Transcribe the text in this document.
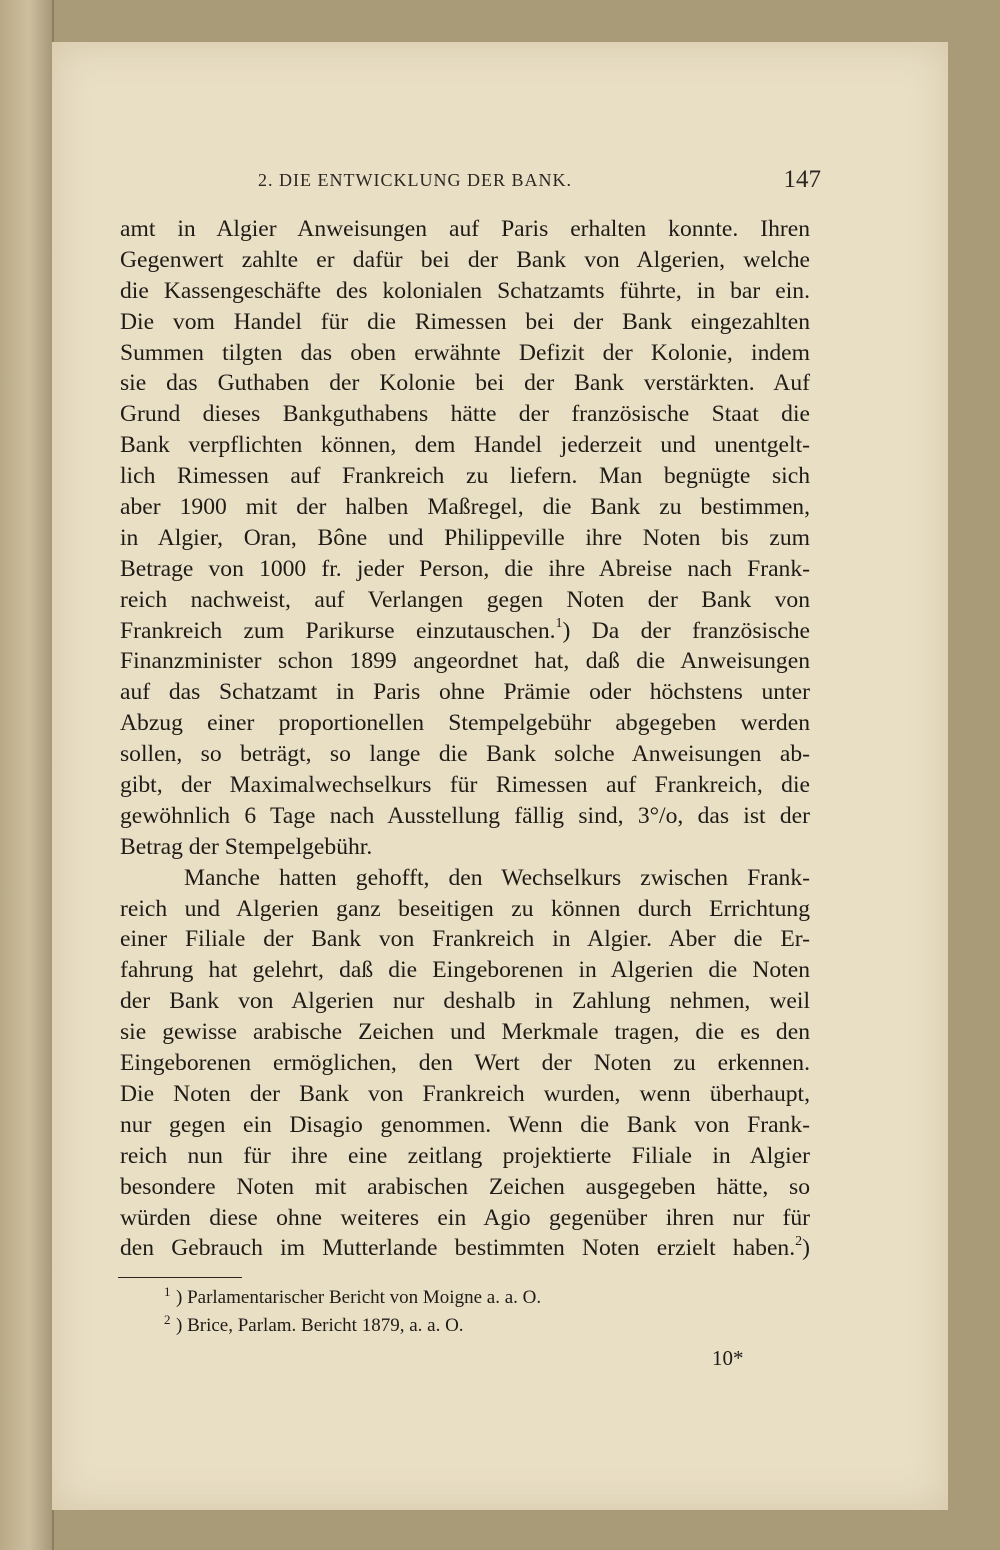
2. DIE ENTWICKLUNG DER BANK.	147
amt in Algier Anweisungen auf Paris erhalten konnte. Ihren
Gegenwert zahlte er dafür bei der Bank von Algerien, welche
die Kassengeschäfte des kolonialen Schatzamts führte, in bar ein.
Die vom Handel für die Rimessen bei der Bank eingezahlten
Summen tilgten das oben erwähnte Defizit der Kolonie, indem
sie das Guthaben der Kolonie bei der Bank verstärkten. Auf
Grund dieses Bankguthabens hätte der französische Staat die
Bank verpflichten können, dem Handel jederzeit und unentgelt-
lich Rimessen auf Frankreich zu liefern. Man begnügte sich
aber 1900 mit der halben Maßregel, die Bank zu bestimmen,
in Algier, Oran, Bône und Philippeville ihre Noten bis zum
Betrage von 1000 fr. jeder Person, die ihre Abreise nach Frank-
reich nachweist, auf Verlangen gegen Noten der Bank von
Frankreich zum Parikurse einzutauschen.$^1$) Da der französische
Finanzminister schon 1899 angeordnet hat, daß die Anweisungen
auf das Schatzamt in Paris ohne Prämie oder höchstens unter
Abzug einer proportionellen Stempelgebühr abgegeben werden
sollen, so beträgt, so lange die Bank solche Anweisungen ab-
gibt, der Maximalwechselkurs für Rimessen auf Frankreich, die
gewöhnlich 6 Tage nach Ausstellung fällig sind, 3°/o, das ist der
Betrag der Stempelgebühr.
Manche hatten gehofft, den Wechselkurs zwischen Frank-
reich und Algerien ganz beseitigen zu können durch Errichtung
einer Filiale der Bank von Frankreich in Algier. Aber die Er-
fahrung hat gelehrt, daß die Eingeborenen in Algerien die Noten
der Bank von Algerien nur deshalb in Zahlung nehmen, weil
sie gewisse arabische Zeichen und Merkmale tragen, die es den
Eingeborenen ermöglichen, den Wert der Noten zu erkennen.
Die Noten der Bank von Frankreich wurden, wenn überhaupt,
nur gegen ein Disagio genommen. Wenn die Bank von Frank-
reich nun für ihre eine zeitlang projektierte Filiale in Algier
besondere Noten mit arabischen Zeichen ausgegeben hätte, so
würden diese ohne weiteres ein Agio gegenüber ihren nur für
den Gebrauch im Mutterlande bestimmten Noten erzielt haben.$^2$)
1 ) Parlamentarischer Bericht von Moigne a. a. O.
2 ) Brice, Parlam. Bericht 1879, a. a. O.
10*
